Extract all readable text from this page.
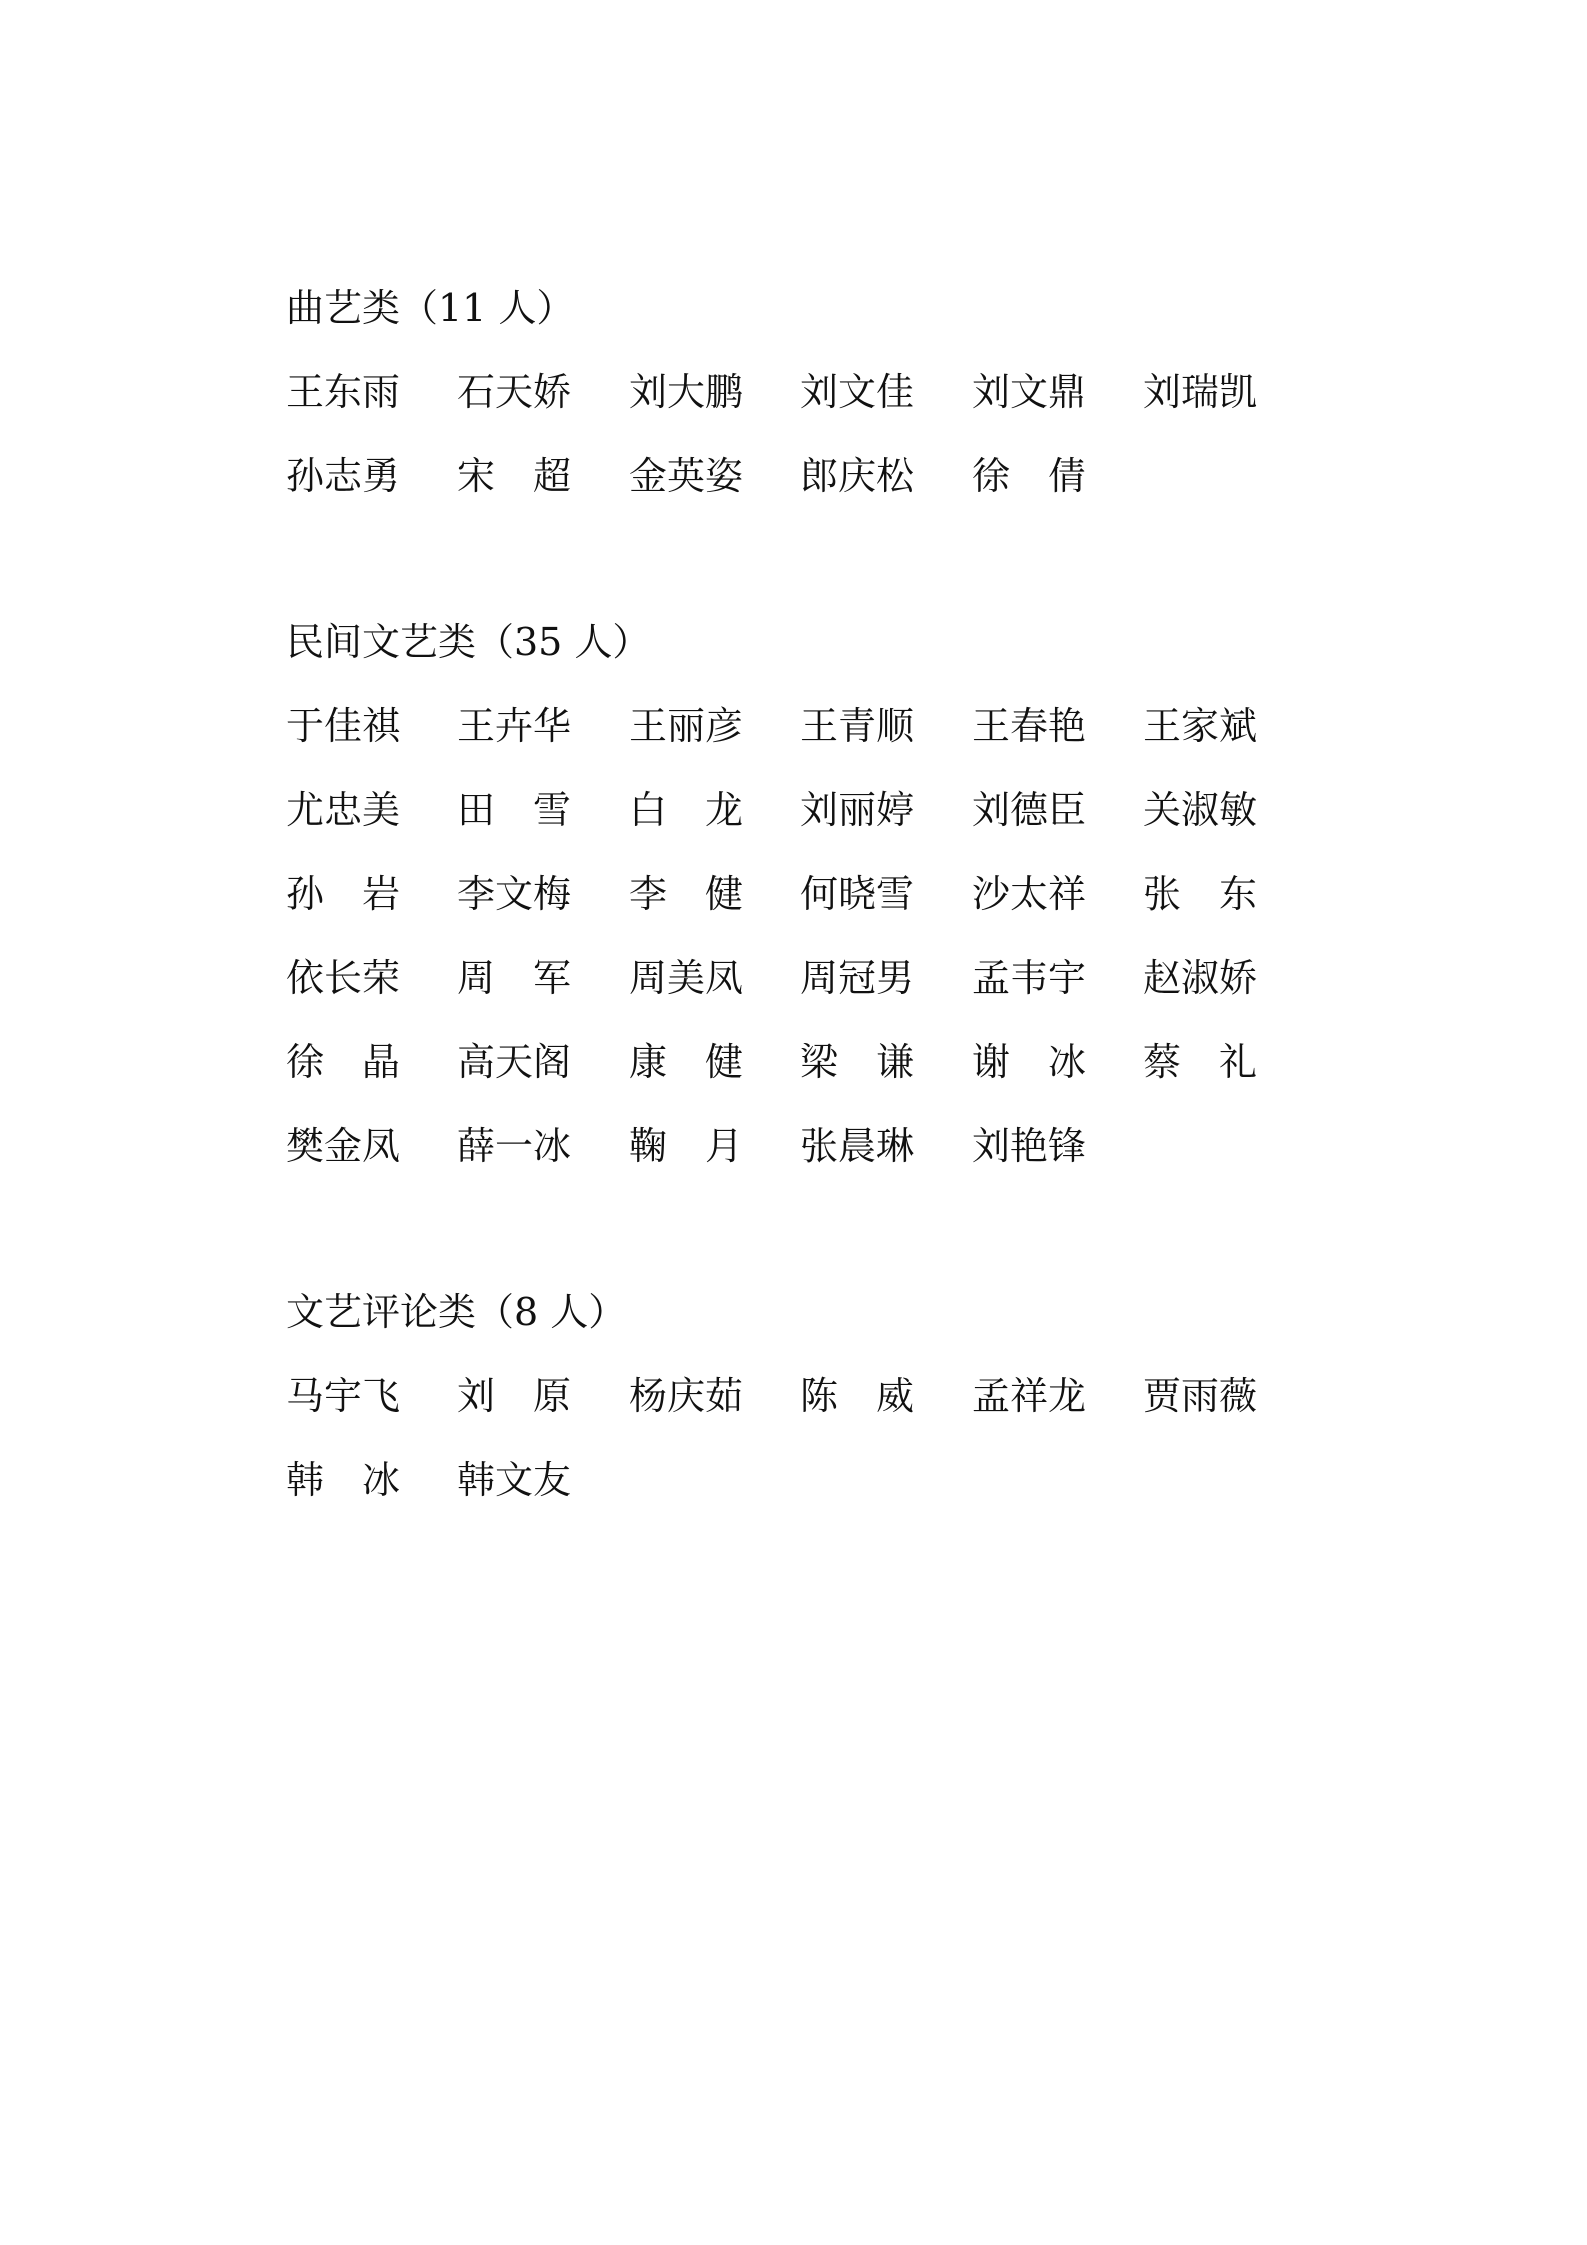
曲艺类（11 人）
王东雨 石天娇 刘大鹏 刘文佳 刘文鼎 刘瑞凯
孙志勇 宋　超 金英姿 郎庆松 徐　倩
民间文艺类（35 人）
于佳祺 王卉华 王丽彦 王青顺 王春艳 王家斌
尤忠美 田　雪 白　龙 刘丽婷 刘德臣 关淑敏
孙　岩 李文梅 李　健 何晓雪 沙太祥 张　东
依长荣 周　军 周美凤 周冠男 孟韦宇 赵淑娇
徐　晶 高天阁 康　健 梁　谦 谢　冰 蔡　礼
樊金凤 薛一冰 鞠　月 张晨琳 刘艳锋
文艺评论类（8 人）
马宇飞 刘　原 杨庆茹 陈　威 孟祥龙 贾雨薇
韩　冰 韩文友
